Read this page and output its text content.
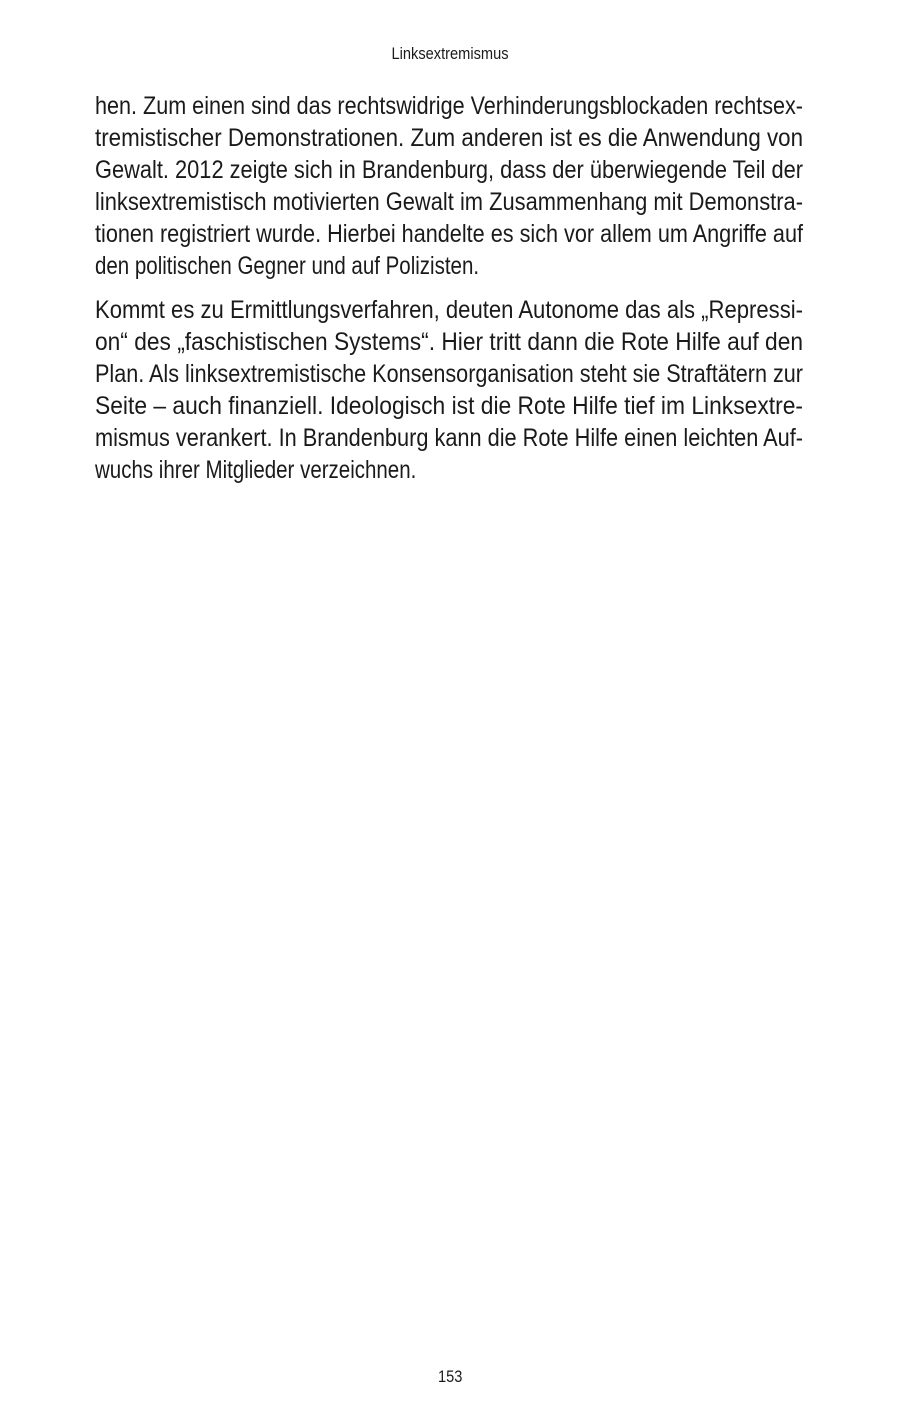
Linksextremismus
hen. Zum einen sind das rechtswidrige Verhinderungsblockaden rechtsex-
tremistischer Demonstrationen. Zum anderen ist es die Anwendung von
Gewalt. 2012 zeigte sich in Brandenburg, dass der überwiegende Teil der
linksextremistisch motivierten Gewalt im Zusammenhang mit Demonstra-
tionen registriert wurde. Hierbei handelte es sich vor allem um Angriffe auf
den politischen Gegner und auf Polizisten.
Kommt es zu Ermittlungsverfahren, deuten Autonome das als „Repressi-
on“ des „faschistischen Systems“. Hier tritt dann die Rote Hilfe auf den
Plan. Als linksextremistische Konsensorganisation steht sie Straftätern zur
Seite – auch finanziell. Ideologisch ist die Rote Hilfe tief im Linksextre-
mismus verankert. In Brandenburg kann die Rote Hilfe einen leichten Auf-
wuchs ihrer Mitglieder verzeichnen.
153
